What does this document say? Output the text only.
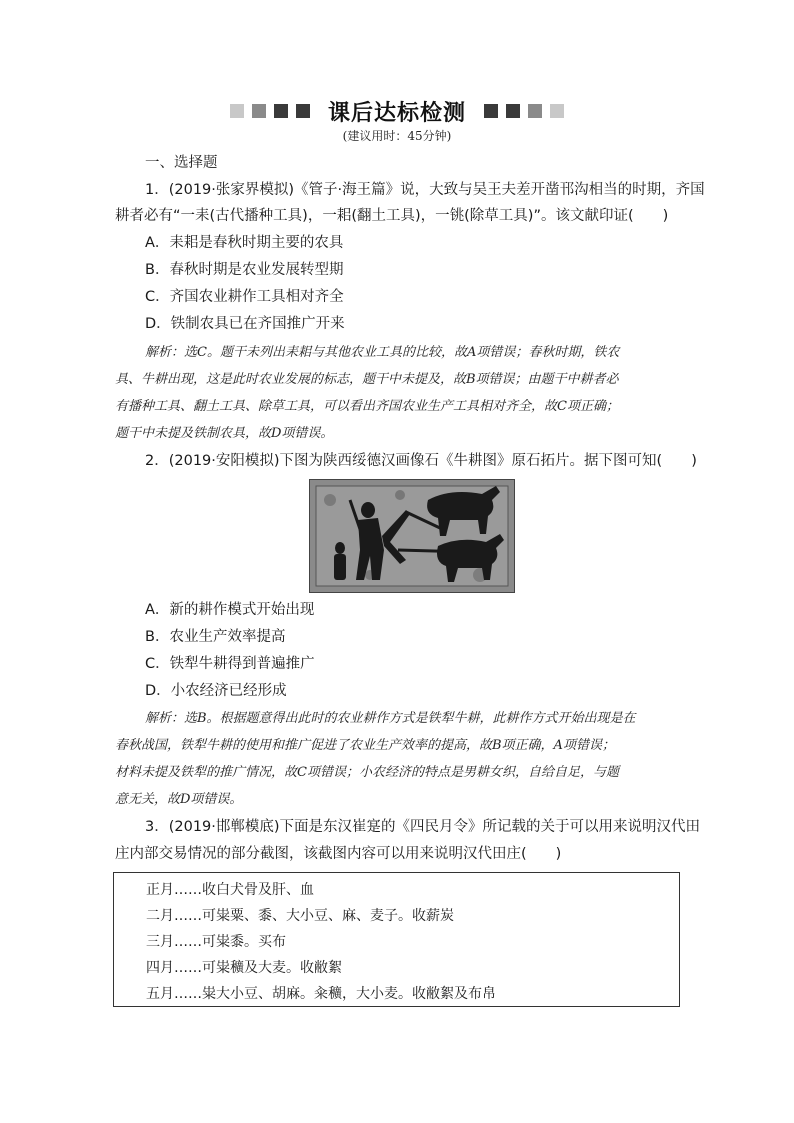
课后达标检测
(建议用时：45分钟)
一、选择题
1．(2019·张家界模拟)《管子·海王篇》说，大致与吴王夫差开凿邗沟相当的时期，齐国
耕者必有“一耒(古代播种工具)，一耜(翻土工具)，一铫(除草工具)”。该文献印证(　　)
A．耒耜是春秋时期主要的农具
B．春秋时期是农业发展转型期
C．齐国农业耕作工具相对齐全
D．铁制农具已在齐国推广开来
解析：选C。题干未列出耒耜与其他农业工具的比较，故A项错误；春秋时期，铁农
具、牛耕出现，这是此时农业发展的标志，题干中未提及，故B项错误；由题干中耕者必
有播种工具、翻土工具、除草工具，可以看出齐国农业生产工具相对齐全，故C项正确；
题干中未提及铁制农具，故D项错误。
2．(2019·安阳模拟)下图为陕西绥德汉画像石《牛耕图》原石拓片。据下图可知(　　)
A．新的耕作模式开始出现
B．农业生产效率提高
C．铁犁牛耕得到普遍推广
D．小农经济已经形成
解析：选B。根据题意得出此时的农业耕作方式是铁犁牛耕，此耕作方式开始出现是在
春秋战国，铁犁牛耕的使用和推广促进了农业生产效率的提高，故B项正确，A项错误；
材料未提及铁犁的推广情况，故C项错误；小农经济的特点是男耕女织，自给自足，与题
意无关，故D项错误。
3．(2019·邯郸模底)下面是东汉崔寔的《四民月令》所记载的关于可以用来说明汉代田
庄内部交易情况的部分截图，该截图内容可以用来说明汉代田庄(　　)
正月……收白犬骨及肝、血
二月……可粜粟、黍、大小豆、麻、麦子。收薪炭
三月……可粜黍。买布
四月……可粜穬及大麦。收敝絮
五月……粜大小豆、胡麻。籴穬，大小麦。收敝絮及布帛
